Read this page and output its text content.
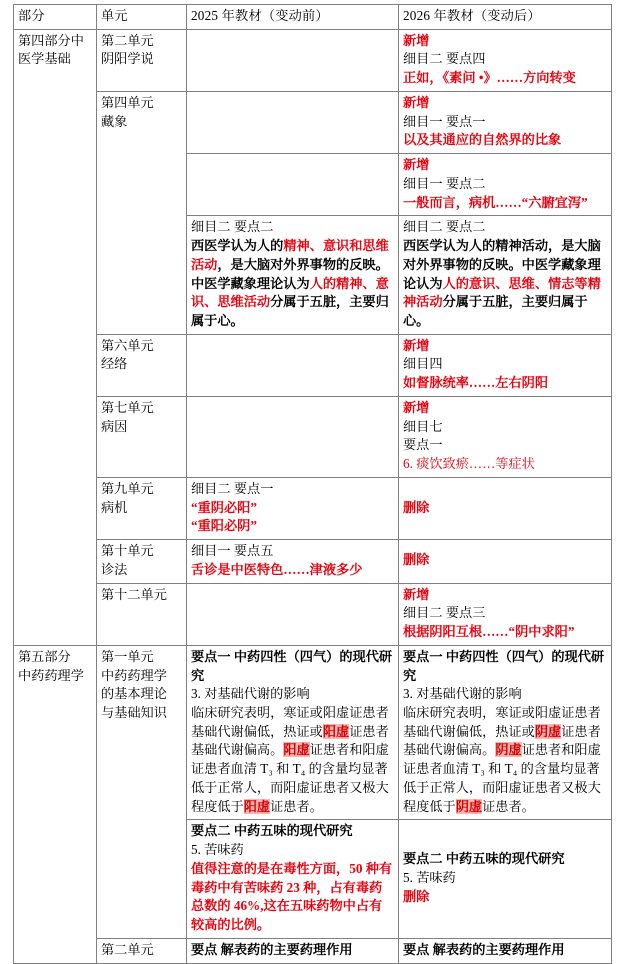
部分	单元	2025 年教材（变动前）	2026 年教材（变动后）

第四部分中
医学基础	第二单元
阴阳学说		新增
细目二 要点四
正如，《素问 •》……方向转变

	第四单元
藏象		新增
细目一 要点一
以及其通应的自然界的比象

			新增
细目一 要点二
一般而言，病机……“六腑宜泻”

		细目二 要点二
西医学认为人的精神、意识和思维活动，是大脑对外界事物的反映。中医学藏象理论认为人的精神、意识、思维活动分属于五脏，主要归属于心。	细目二 要点二
西医学认为人的精神活动，是大脑对外界事物的反映。中医学藏象理论认为人的意识、思维、情志等精神活动分属于五脏，主要归属于心。

	第六单元
经络		新增
细目四
如督脉统率……左右阴阳

	第七单元
病因		新增
细目七
要点一
6. 痰饮致瘀……等症状

	第九单元
病机	细目二 要点一
“重阴必阳”
“重阳必阴”	删除

	第十单元
诊法	细目一 要点五
舌诊是中医特色……津液多少	删除

	第十二单元		新增
细目二 要点三
根据阴阳互根……“阴中求阳”

第五部分
中药药理学	第一单元
中药药理学
的基本理论
与基础知识	要点一 中药四性（四气）的现代研究
3. 对基础代谢的影响
临床研究表明，寒证或阳虚证患者基础代谢偏低，热证或阳虚证患者基础代谢偏高。阳虚证患者和阳虚证患者血清 T₃ 和 T₄ 的含量均显著低于正常人，而阳虚证患者又极大程度低于阳虚证患者。	要点一 中药四性（四气）的现代研究
3. 对基础代谢的影响
临床研究表明，寒证或阳虚证患者基础代谢偏低，热证或阴虚证患者基础代谢偏高。阴虚证患者和阳虚证患者血清 T₃ 和 T₄ 的含量均显著低于正常人，而阳虚证患者又极大程度低于阴虚证患者。

		要点二 中药五味的现代研究
5. 苦味药
值得注意的是在毒性方面，50 种有毒药中有苦味药 23 种，占有毒药总数的 46%,这在五味药物中占有较高的比例。	要点二 中药五味的现代研究
5. 苦味药
删除

	第二单元	要点 解表药的主要药理作用	要点 解表药的主要药理作用
